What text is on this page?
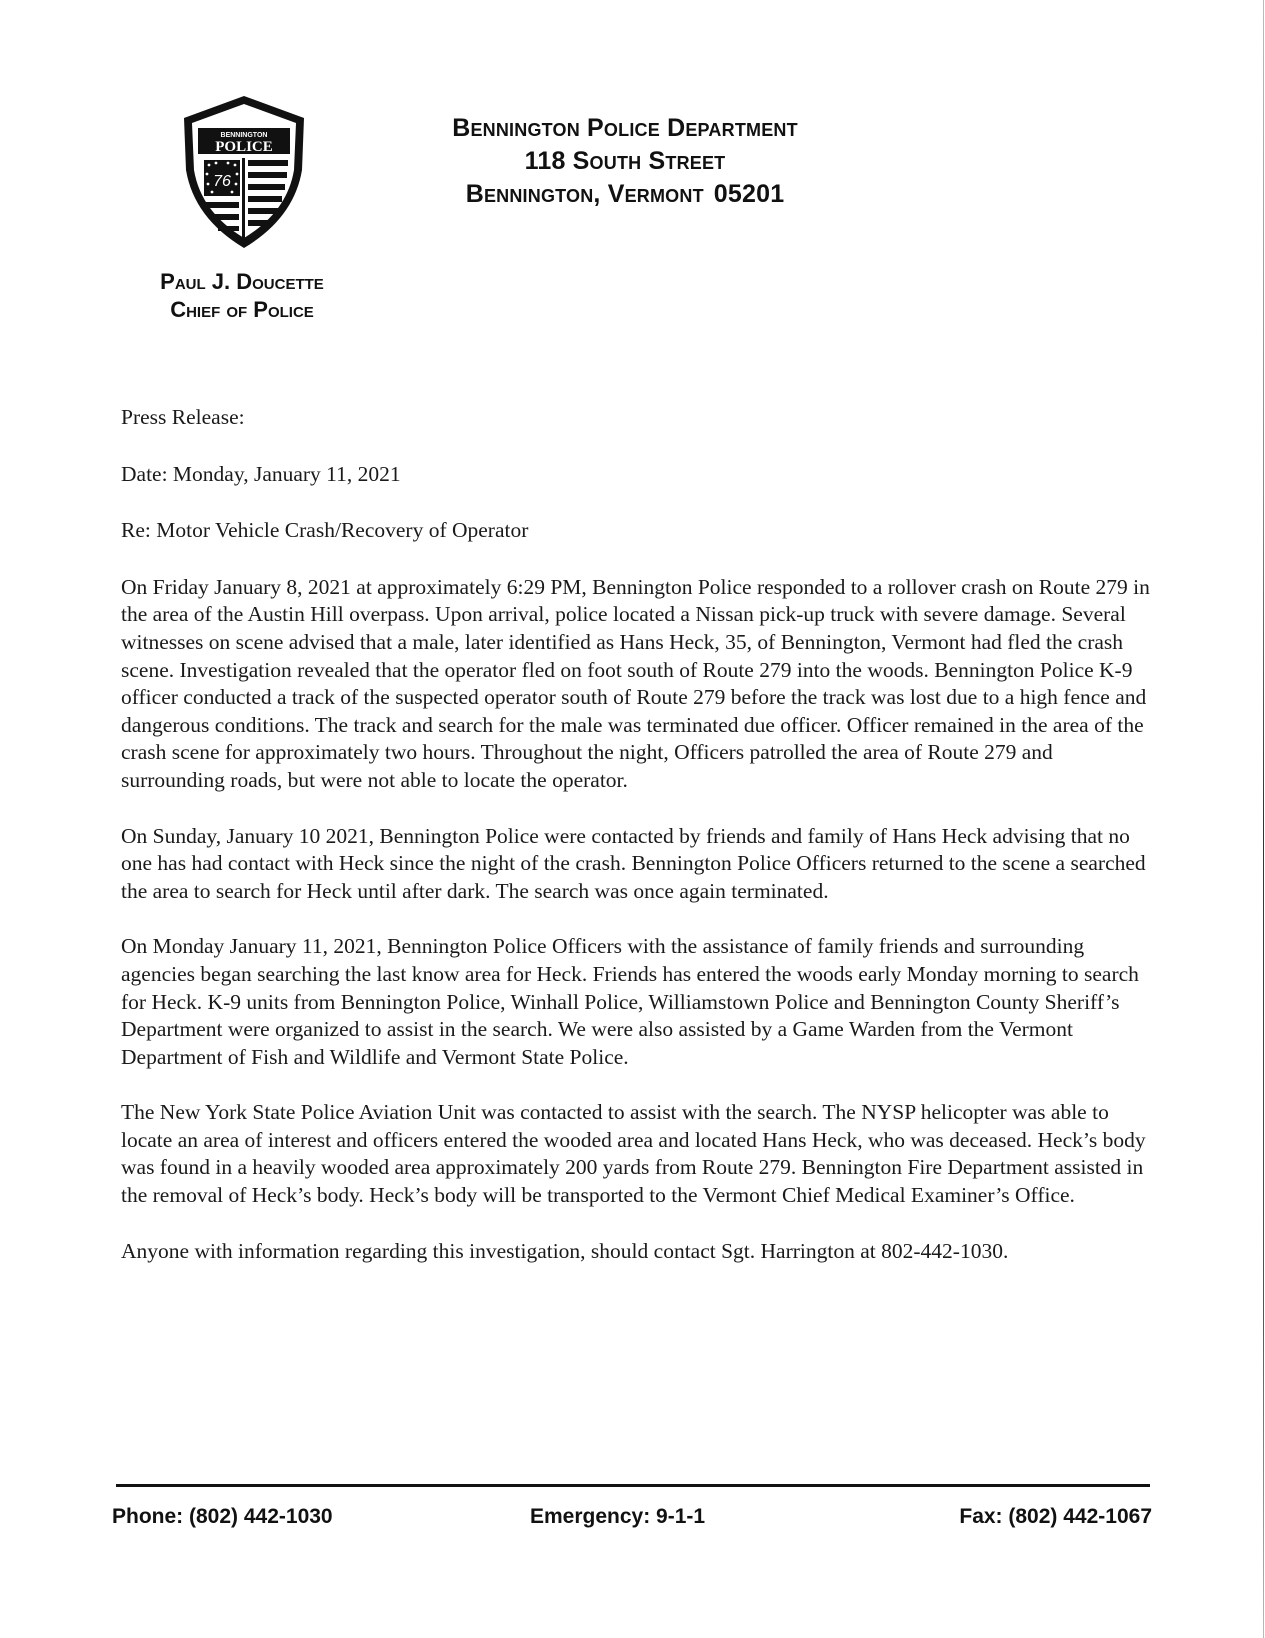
BENNINGTON
POLICE
76
Bennington Police Department
118 South Street
Bennington, Vermont 05201
Paul J. Doucette
Chief of Police

Press Release:

Date: Monday, January 11, 2021

Re: Motor Vehicle Crash/Recovery of Operator

On Friday January 8, 2021 at approximately 6:29 PM, Bennington Police responded to a rollover crash on Route 279 in the area of the Austin Hill overpass. Upon arrival, police located a Nissan pick-up truck with severe damage. Several witnesses on scene advised that a male, later identified as Hans Heck, 35, of Bennington, Vermont had fled the crash scene. Investigation revealed that the operator fled on foot south of Route 279 into the woods. Bennington Police K-9 officer conducted a track of the suspected operator south of Route 279 before the track was lost due to a high fence and dangerous conditions. The track and search for the male was terminated due officer. Officer remained in the area of the crash scene for approximately two hours. Throughout the night, Officers patrolled the area of Route 279 and surrounding roads, but were not able to locate the operator.

On Sunday, January 10 2021, Bennington Police were contacted by friends and family of Hans Heck advising that no one has had contact with Heck since the night of the crash. Bennington Police Officers returned to the scene a searched the area to search for Heck until after dark. The search was once again terminated.

On Monday January 11, 2021, Bennington Police Officers with the assistance of family friends and surrounding agencies began searching the last know area for Heck. Friends has entered the woods early Monday morning to search for Heck. K-9 units from Bennington Police, Winhall Police, Williamstown Police and Bennington County Sheriff’s Department were organized to assist in the search. We were also assisted by a Game Warden from the Vermont Department of Fish and Wildlife and Vermont State Police.

The New York State Police Aviation Unit was contacted to assist with the search. The NYSP helicopter was able to locate an area of interest and officers entered the wooded area and located Hans Heck, who was deceased. Heck’s body was found in a heavily wooded area approximately 200 yards from Route 279. Bennington Fire Department assisted in the removal of Heck’s body. Heck’s body will be transported to the Vermont Chief Medical Examiner’s Office.

Anyone with information regarding this investigation, should contact Sgt. Harrington at 802-442-1030.

Phone: (802) 442-1030	Emergency: 9-1-1	Fax: (802) 442-1067
